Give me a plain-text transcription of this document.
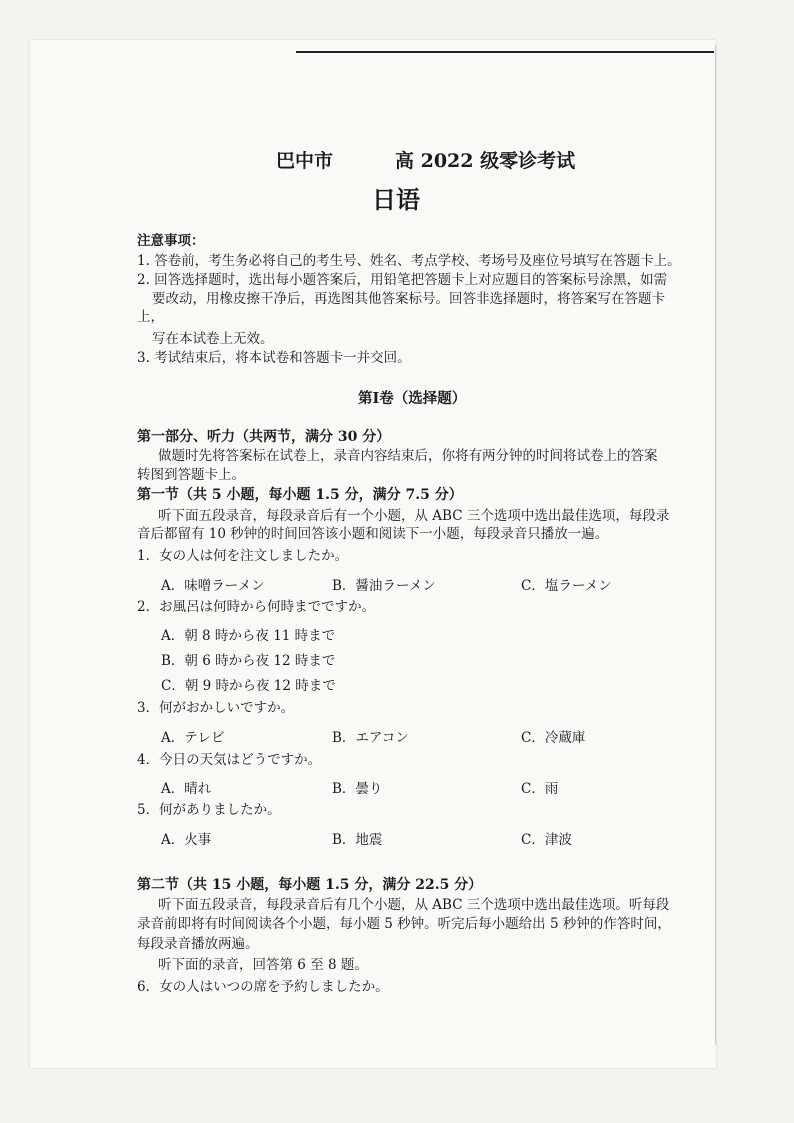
巴中市	高 2022 级零诊考试
日语
注意事项：
1. 答卷前，考生务必将自己的考生号、姓名、考点学校、考场号及座位号填写在答题卡上。
2. 回答选择题时，选出每小题答案后，用铅笔把答题卡上对应题目的答案标号涂黑，如需
要改动，用橡皮擦干净后，再选图其他答案标号。回答非选择题时，将答案写在答题卡
上，
写在本试卷上无效。
3. 考试结束后，将本试卷和答题卡一并交回。
第Ⅰ卷（选择题）
第一部分、听力（共两节，满分 30 分）
做题时先将答案标在试卷上，录音内容结束后，你将有两分钟的时间将试卷上的答案
转图到答题卡上。
第一节（共 5 小题，每小题 1.5 分，满分 7.5 分）
听下面五段录音，每段录音后有一个小题，从 ABC 三个选项中选出最佳选项，每段录
音后都留有 10 秒钟的时间回答该小题和阅读下一小题，每段录音只播放一遍。
1．女の人は何を注文しましたか。
A．味噌ラーメン	B．醤油ラーメン	C．塩ラーメン
2．お風呂は何時から何時までですか。
A．朝 8 時から夜 11 時まで
B．朝 6 時から夜 12 時まで
C．朝 9 時から夜 12 時まで
3．何がおかしいですか。
A．テレビ	B．エアコン	C．冷蔵庫
4．今日の天気はどうですか。
A．晴れ	B．曇り	C．雨
5．何がありましたか。
A．火事	B．地震	C．津波
第二节（共 15 小题，每小题 1.5 分，满分 22.5 分）
听下面五段录音，每段录音后有几个小题，从 ABC 三个选项中选出最佳选项。听每段
录音前即将有时间阅读各个小题，每小题 5 秒钟。听完后每小题给出 5 秒钟的作答时间，
每段录音播放两遍。
听下面的录音，回答第 6 至 8 题。
6．女の人はいつの席を予約しましたか。
